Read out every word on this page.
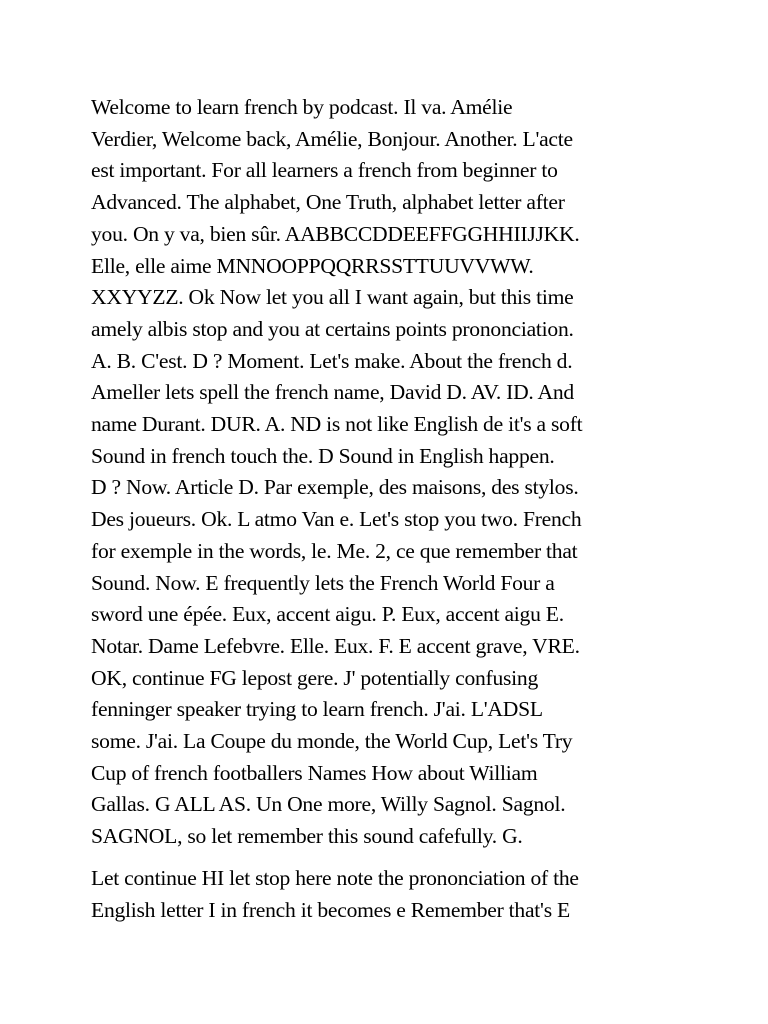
Welcome to learn french by podcast. Il va. Amélie
Verdier, Welcome back, Amélie, Bonjour. Another. L'acte
est important. For all learners a french from beginner to
Advanced. The alphabet, One Truth, alphabet letter after
you. On y va, bien sûr. AABBCCDDEEFFGGHHIIJJKK.
Elle, elle aime MNNOOPPQQRRSSTTUUVVWW.
XXYYZZ. Ok Now let you all I want again, but this time
amely albis stop and you at certains points prononciation.
A. B. C'est. D ? Moment. Let's make. About the french d.
Ameller lets spell the french name, David D. AV. ID. And
name Durant. DUR. A. ND is not like English de it's a soft
Sound in french touch the. D Sound in English happen.
D ? Now. Article D. Par exemple, des maisons, des stylos.
Des joueurs. Ok. L atmo Van e. Let's stop you two. French
for exemple in the words, le. Me. 2, ce que remember that
Sound. Now. E frequently lets the French World Four a
sword une épée. Eux, accent aigu. P. Eux, accent aigu E.
Notar. Dame Lefebvre. Elle. Eux. F. E accent grave, VRE.
OK, continue FG lepost gere. J' potentially confusing
fenninger speaker trying to learn french. J'ai. L'ADSL
some. J'ai. La Coupe du monde, the World Cup, Let's Try
Cup of french footballers Names How about William
Gallas. G ALL AS. Un One more, Willy Sagnol. Sagnol.
SAGNOL, so let remember this sound cafefully. G.

Let continue HI let stop here note the prononciation of the
English letter I in french it becomes e Remember that's E
